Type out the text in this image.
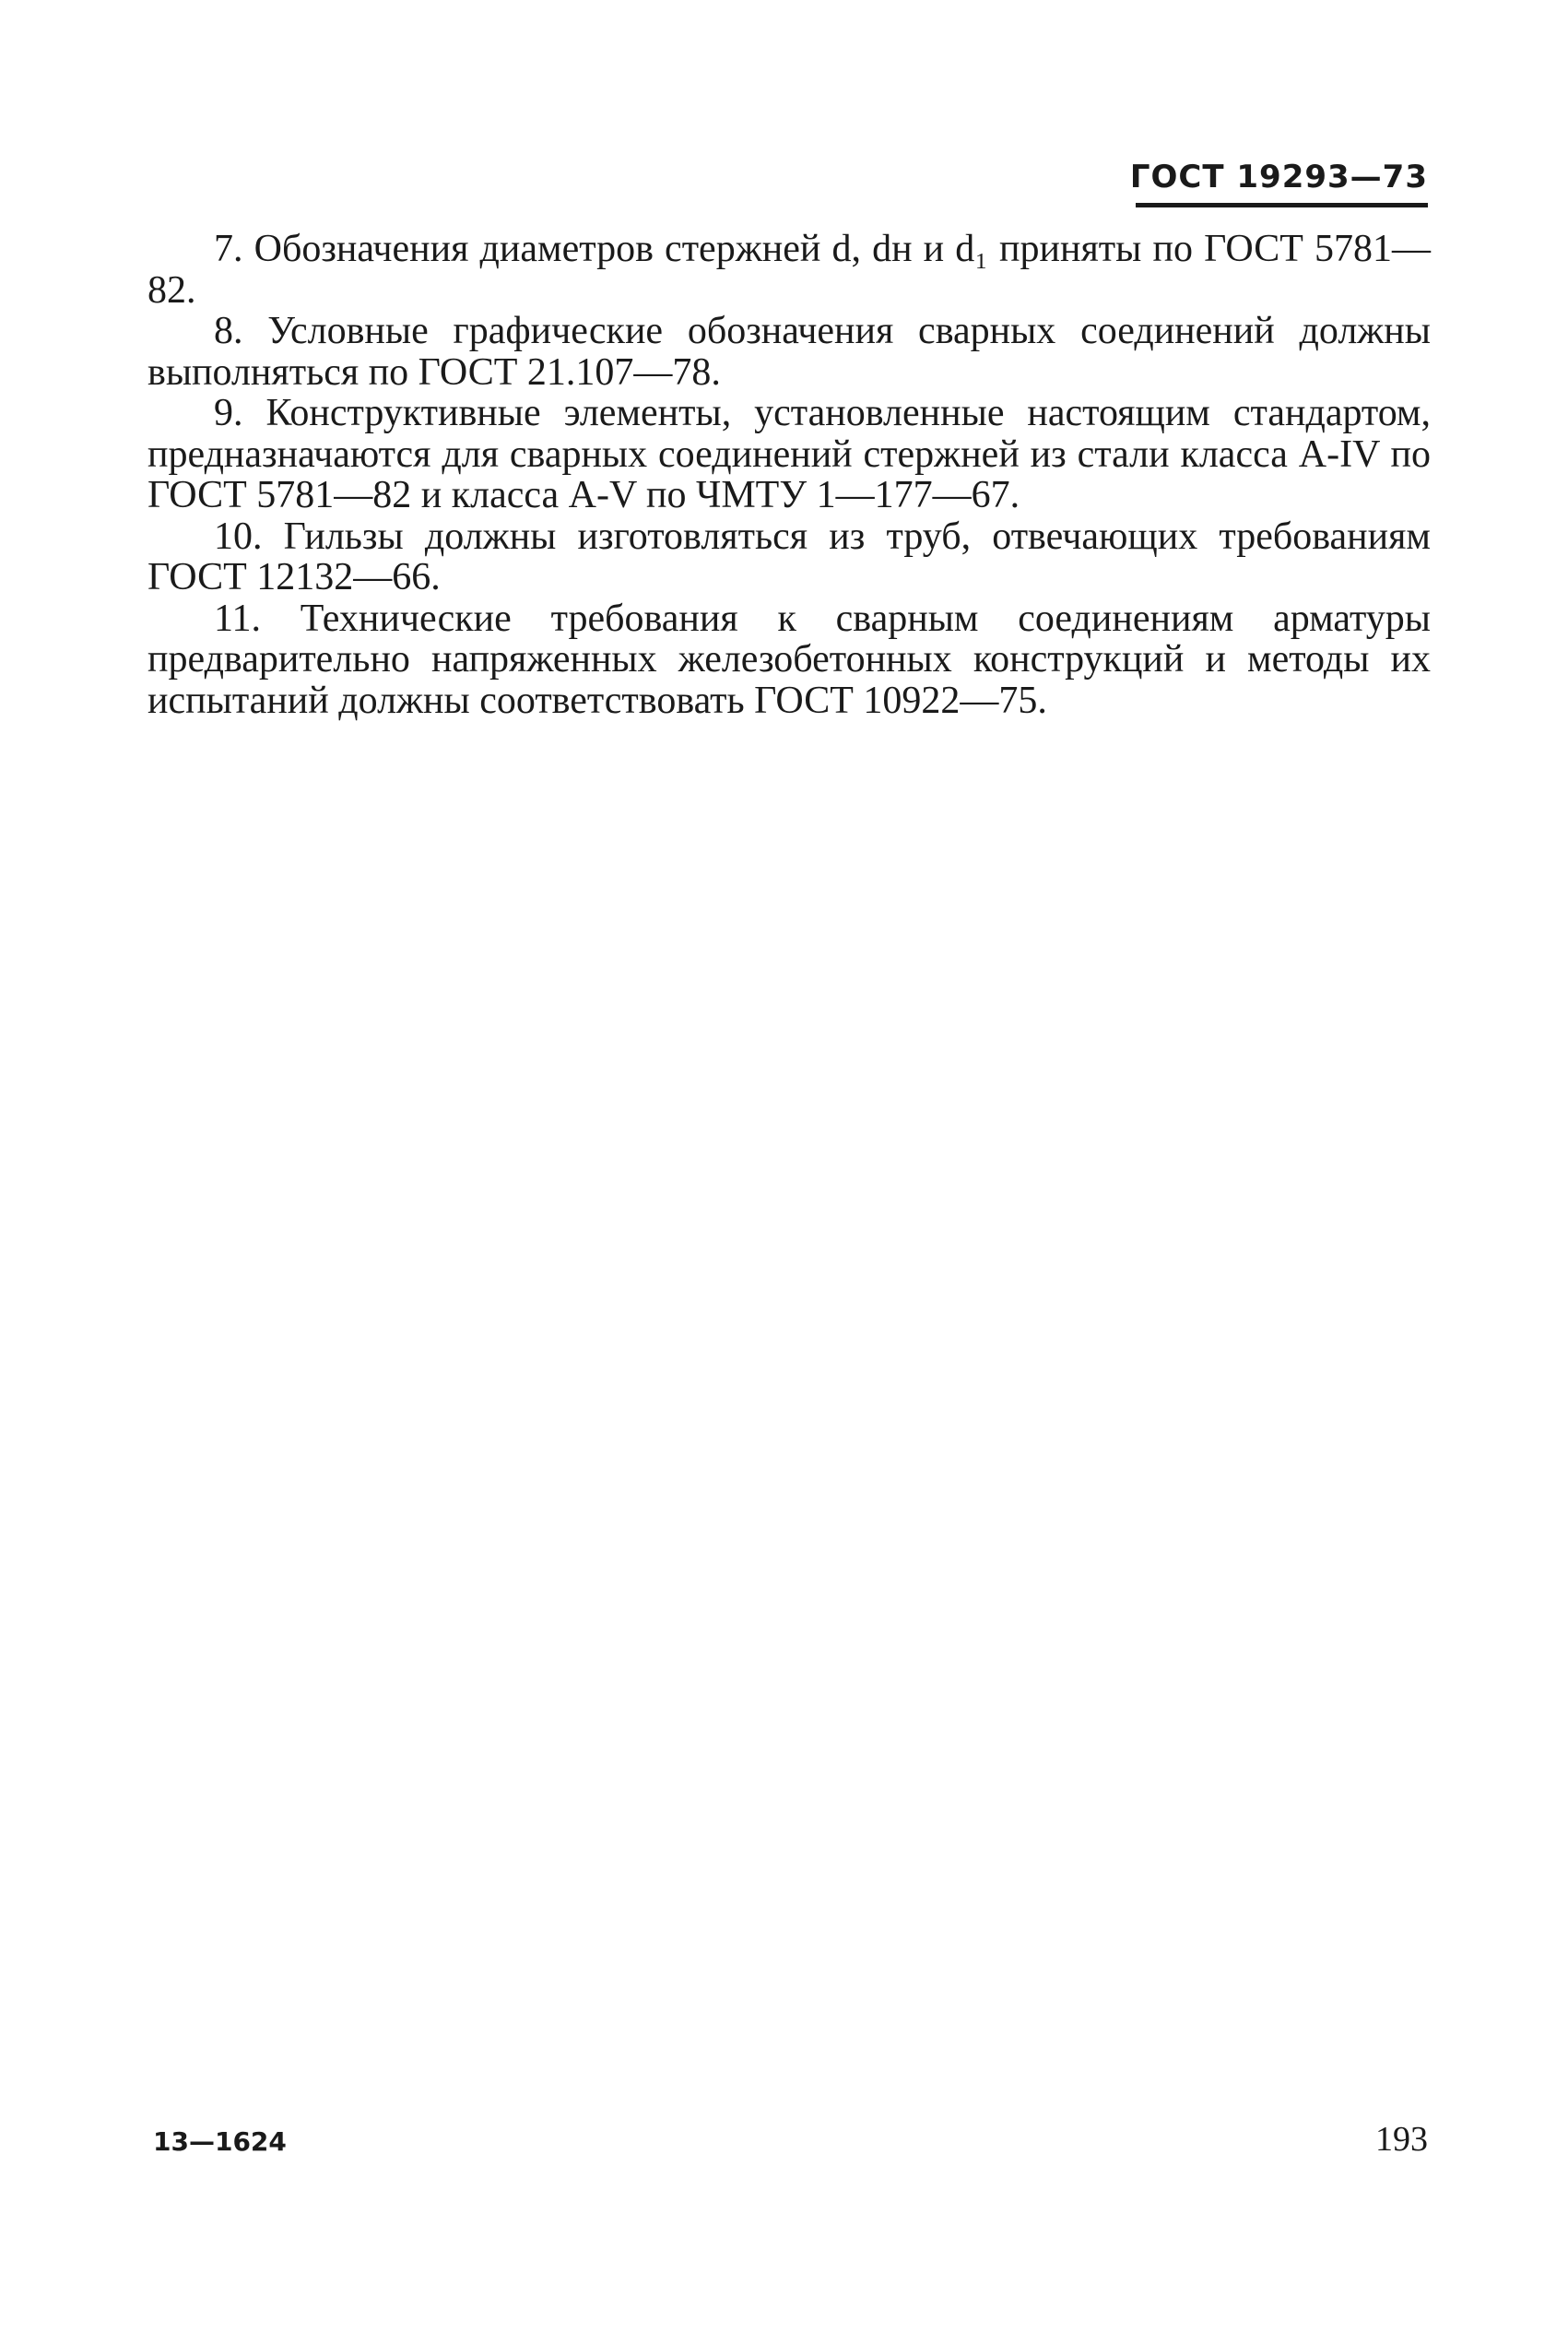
ГОСТ 19293—73

7. Обозначения диаметров стержней d, dн и d₁ приняты по ГОСТ 5781—82.

8. Условные графические обозначения сварных соединений должны выполняться по ГОСТ 21.107—78.

9. Конструктивные элементы, установленные настоящим стандартом, предназначаются для сварных соединений стержней из стали класса A-IV по ГОСТ 5781—82 и класса A-V по ЧМТУ 1—177—67.

10. Гильзы должны изготовляться из труб, отвечающих требованиям ГОСТ 12132—66.

11. Технические требования к сварным соединениям арматуры предварительно напряженных железобетонных конструкций и методы их испытаний должны соответствовать ГОСТ 10922—75.

13—1624	193
